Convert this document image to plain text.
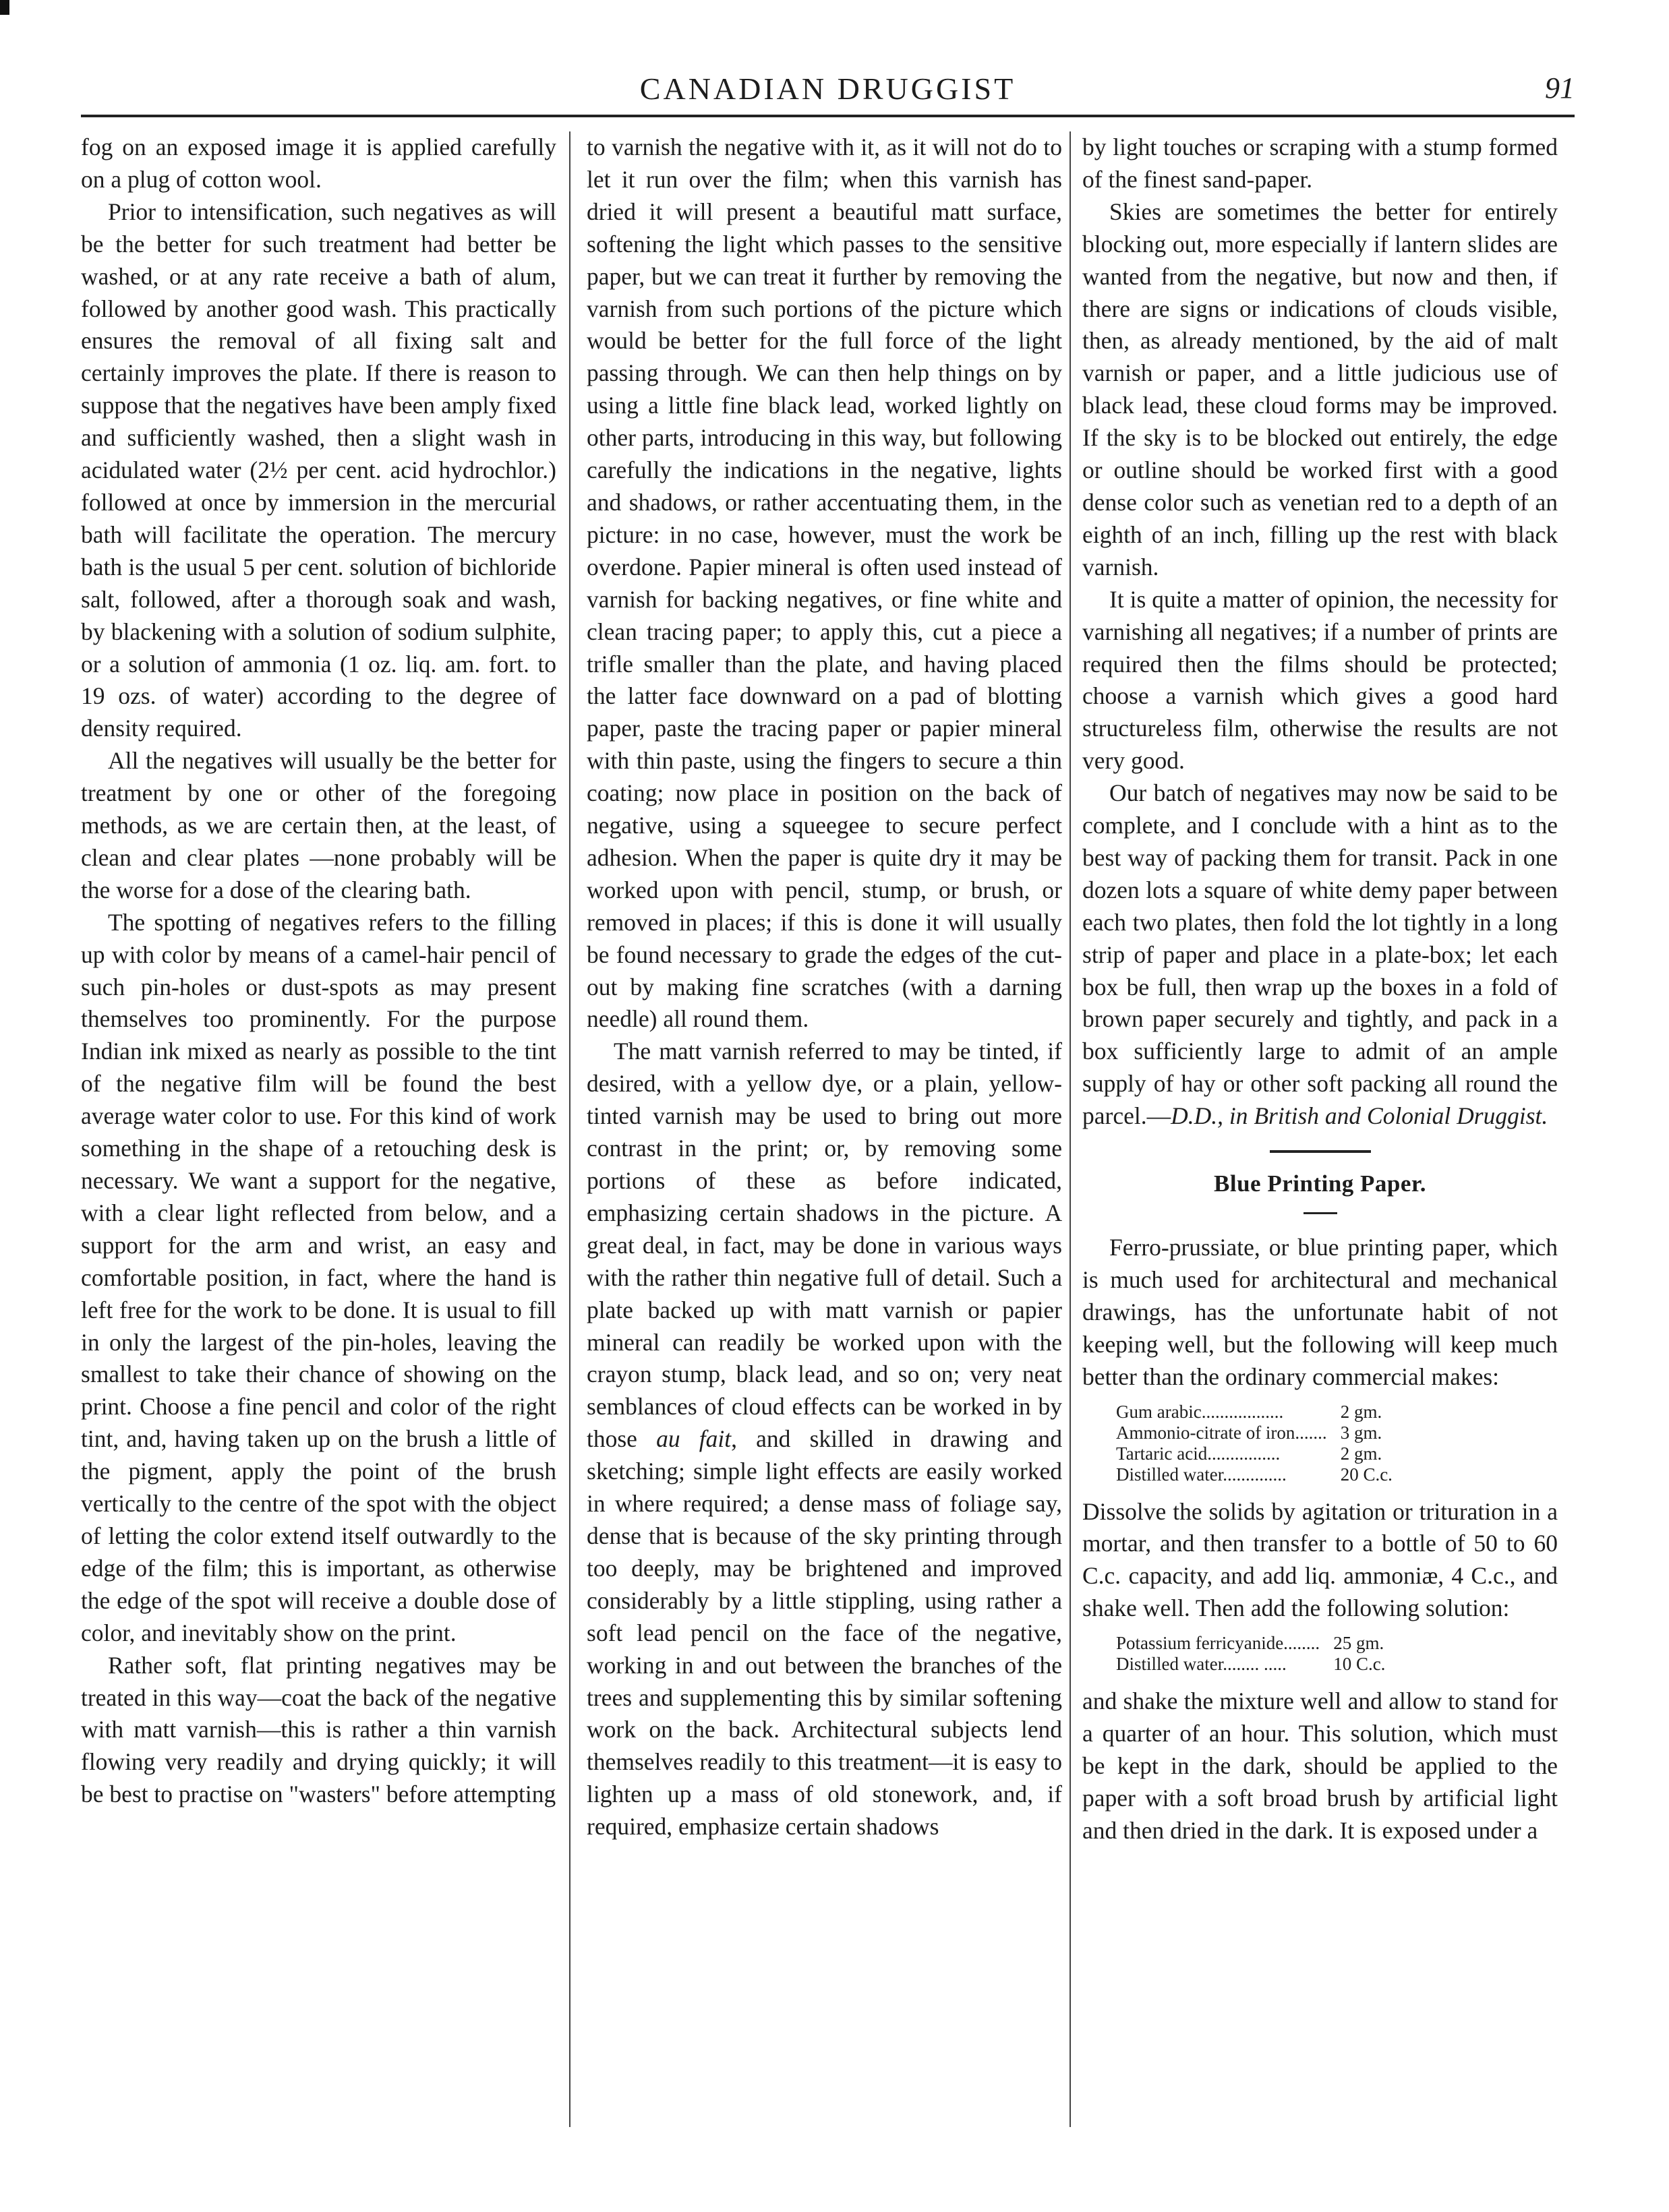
CANADIAN DRUGGIST	91

fog on an exposed image it is applied carefully on a plug of cotton wool.

Prior to intensification, such negatives as will be the better for such treatment had better be washed, or at any rate receive a bath of alum, followed by another good wash. This practically ensures the removal of all fixing salt and certainly improves the plate. If there is reason to suppose that the negatives have been amply fixed and sufficiently washed, then a slight wash in acidulated water (2½ per cent. acid hydrochlor.) followed at once by immersion in the mercurial bath will facilitate the operation. The mercury bath is the usual 5 per cent. solution of bichloride salt, followed, after a thorough soak and wash, by blackening with a solution of sodium sulphite, or a solution of ammonia (1 oz. liq. am. fort. to 19 ozs. of water) according to the degree of density required.

All the negatives will usually be the better for treatment by one or other of the foregoing methods, as we are certain then, at the least, of clean and clear plates —none probably will be the worse for a dose of the clearing bath.

The spotting of negatives refers to the filling up with color by means of a camel-hair pencil of such pin-holes or dust-spots as may present themselves too prominently. For the purpose Indian ink mixed as nearly as possible to the tint of the negative film will be found the best average water color to use. For this kind of work something in the shape of a retouching desk is necessary. We want a support for the negative, with a clear light reflected from below, and a support for the arm and wrist, an easy and comfortable position, in fact, where the hand is left free for the work to be done. It is usual to fill in only the largest of the pin-holes, leaving the smallest to take their chance of showing on the print. Choose a fine pencil and color of the right tint, and, having taken up on the brush a little of the pigment, apply the point of the brush vertically to the centre of the spot with the object of letting the color extend itself outwardly to the edge of the film; this is important, as otherwise the edge of the spot will receive a double dose of color, and inevitably show on the print.

Rather soft, flat printing negatives may be treated in this way—coat the back of the negative with matt varnish—this is rather a thin varnish flowing very readily and drying quickly; it will be best to practise on "wasters" before attempting

to varnish the negative with it, as it will not do to let it run over the film; when this varnish has dried it will present a beautiful matt surface, softening the light which passes to the sensitive paper, but we can treat it further by removing the varnish from such portions of the picture which would be better for the full force of the light passing through. We can then help things on by using a little fine black lead, worked lightly on other parts, introducing in this way, but following carefully the indications in the negative, lights and shadows, or rather accentuating them, in the picture: in no case, however, must the work be overdone. Papier mineral is often used instead of varnish for backing negatives, or fine white and clean tracing paper; to apply this, cut a piece a trifle smaller than the plate, and having placed the latter face downward on a pad of blotting paper, paste the tracing paper or papier mineral with thin paste, using the fingers to secure a thin coating; now place in position on the back of negative, using a squeegee to secure perfect adhesion. When the paper is quite dry it may be worked upon with pencil, stump, or brush, or removed in places; if this is done it will usually be found necessary to grade the edges of the cut-out by making fine scratches (with a darning needle) all round them.

The matt varnish referred to may be tinted, if desired, with a yellow dye, or a plain, yellow-tinted varnish may be used to bring out more contrast in the print; or, by removing some portions of these as before indicated, emphasizing certain shadows in the picture. A great deal, in fact, may be done in various ways with the rather thin negative full of detail. Such a plate backed up with matt varnish or papier mineral can readily be worked upon with the crayon stump, black lead, and so on; very neat semblances of cloud effects can be worked in by those au fait, and skilled in drawing and sketching; simple light effects are easily worked in where required; a dense mass of foliage say, dense that is because of the sky printing through too deeply, may be brightened and improved considerably by a little stippling, using rather a soft lead pencil on the face of the negative, working in and out between the branches of the trees and supplementing this by similar softening work on the back. Architectural subjects lend themselves readily to this treatment—it is easy to lighten up a mass of old stonework, and, if required, emphasize certain shadows

by light touches or scraping with a stump formed of the finest sand-paper.

Skies are sometimes the better for entirely blocking out, more especially if lantern slides are wanted from the negative, but now and then, if there are signs or indications of clouds visible, then, as already mentioned, by the aid of malt varnish or paper, and a little judicious use of black lead, these cloud forms may be improved. If the sky is to be blocked out entirely, the edge or outline should be worked first with a good dense color such as venetian red to a depth of an eighth of an inch, filling up the rest with black varnish.

It is quite a matter of opinion, the necessity for varnishing all negatives; if a number of prints are required then the films should be protected; choose a varnish which gives a good hard structureless film, otherwise the results are not very good.

Our batch of negatives may now be said to be complete, and I conclude with a hint as to the best way of packing them for transit. Pack in one dozen lots a square of white demy paper between each two plates, then fold the lot tightly in a long strip of paper and place in a plate-box; let each box be full, then wrap up the boxes in a fold of brown paper securely and tightly, and pack in a box sufficiently large to admit of an ample supply of hay or other soft packing all round the parcel.—D.D., in British and Colonial Druggist.

Blue Printing Paper.

Ferro-prussiate, or blue printing paper, which is much used for architectural and mechanical drawings, has the unfortunate habit of not keeping well, but the following will keep much better than the ordinary commercial makes:

Gum arabic..................	2 gm.
Ammonio-citrate of iron.......	3 gm.
Tartaric acid................	2 gm.
Distilled water..............	20 C.c.

Dissolve the solids by agitation or trituration in a mortar, and then transfer to a bottle of 50 to 60 C.c. capacity, and add liq. ammoniæ, 4 C.c., and shake well. Then add the following solution:

Potassium ferricyanide........	25 gm.
Distilled water........ .....	10 C.c.

and shake the mixture well and allow to stand for a quarter of an hour. This solution, which must be kept in the dark, should be applied to the paper with a soft broad brush by artificial light and then dried in the dark. It is exposed under a
